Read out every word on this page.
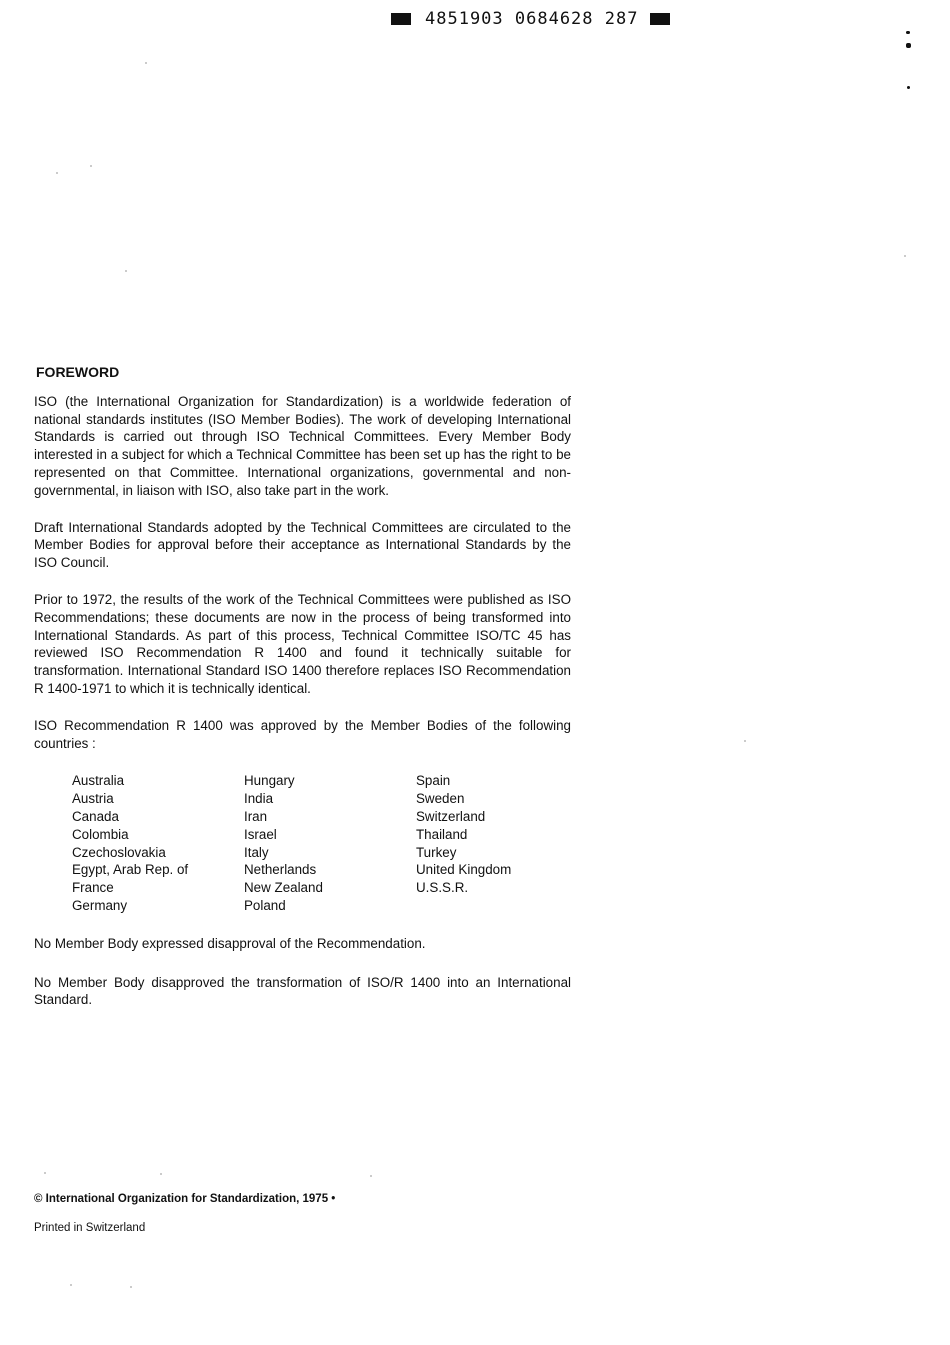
4851903 0684628 287
FOREWORD

ISO (the International Organization for Standardization) is a worldwide federation of national standards institutes (ISO Member Bodies). The work of developing International Standards is carried out through ISO Technical Committees. Every Member Body interested in a subject for which a Technical Committee has been set up has the right to be represented on that Committee. International organizations, governmental and non-governmental, in liaison with ISO, also take part in the work.

Draft International Standards adopted by the Technical Committees are circulated to the Member Bodies for approval before their acceptance as International Standards by the ISO Council.

Prior to 1972, the results of the work of the Technical Committees were published as ISO Recommendations; these documents are now in the process of being transformed into International Standards. As part of this process, Technical Committee ISO/TC 45 has reviewed ISO Recommendation R 1400 and found it technically suitable for transformation. International Standard ISO 1400 therefore replaces ISO Recommendation R 1400-1971 to which it is technically identical.

ISO Recommendation R 1400 was approved by the Member Bodies of the following countries :

Australia
Austria
Canada
Colombia
Czechoslovakia
Egypt, Arab Rep. of
France
Germany
Hungary
India
Iran
Israel
Italy
Netherlands
New Zealand
Poland
Spain
Sweden
Switzerland
Thailand
Turkey
United Kingdom
U.S.S.R.

No Member Body expressed disapproval of the Recommendation.

No Member Body disapproved the transformation of ISO/R 1400 into an International Standard.

© International Organization for Standardization, 1975 •
Printed in Switzerland
